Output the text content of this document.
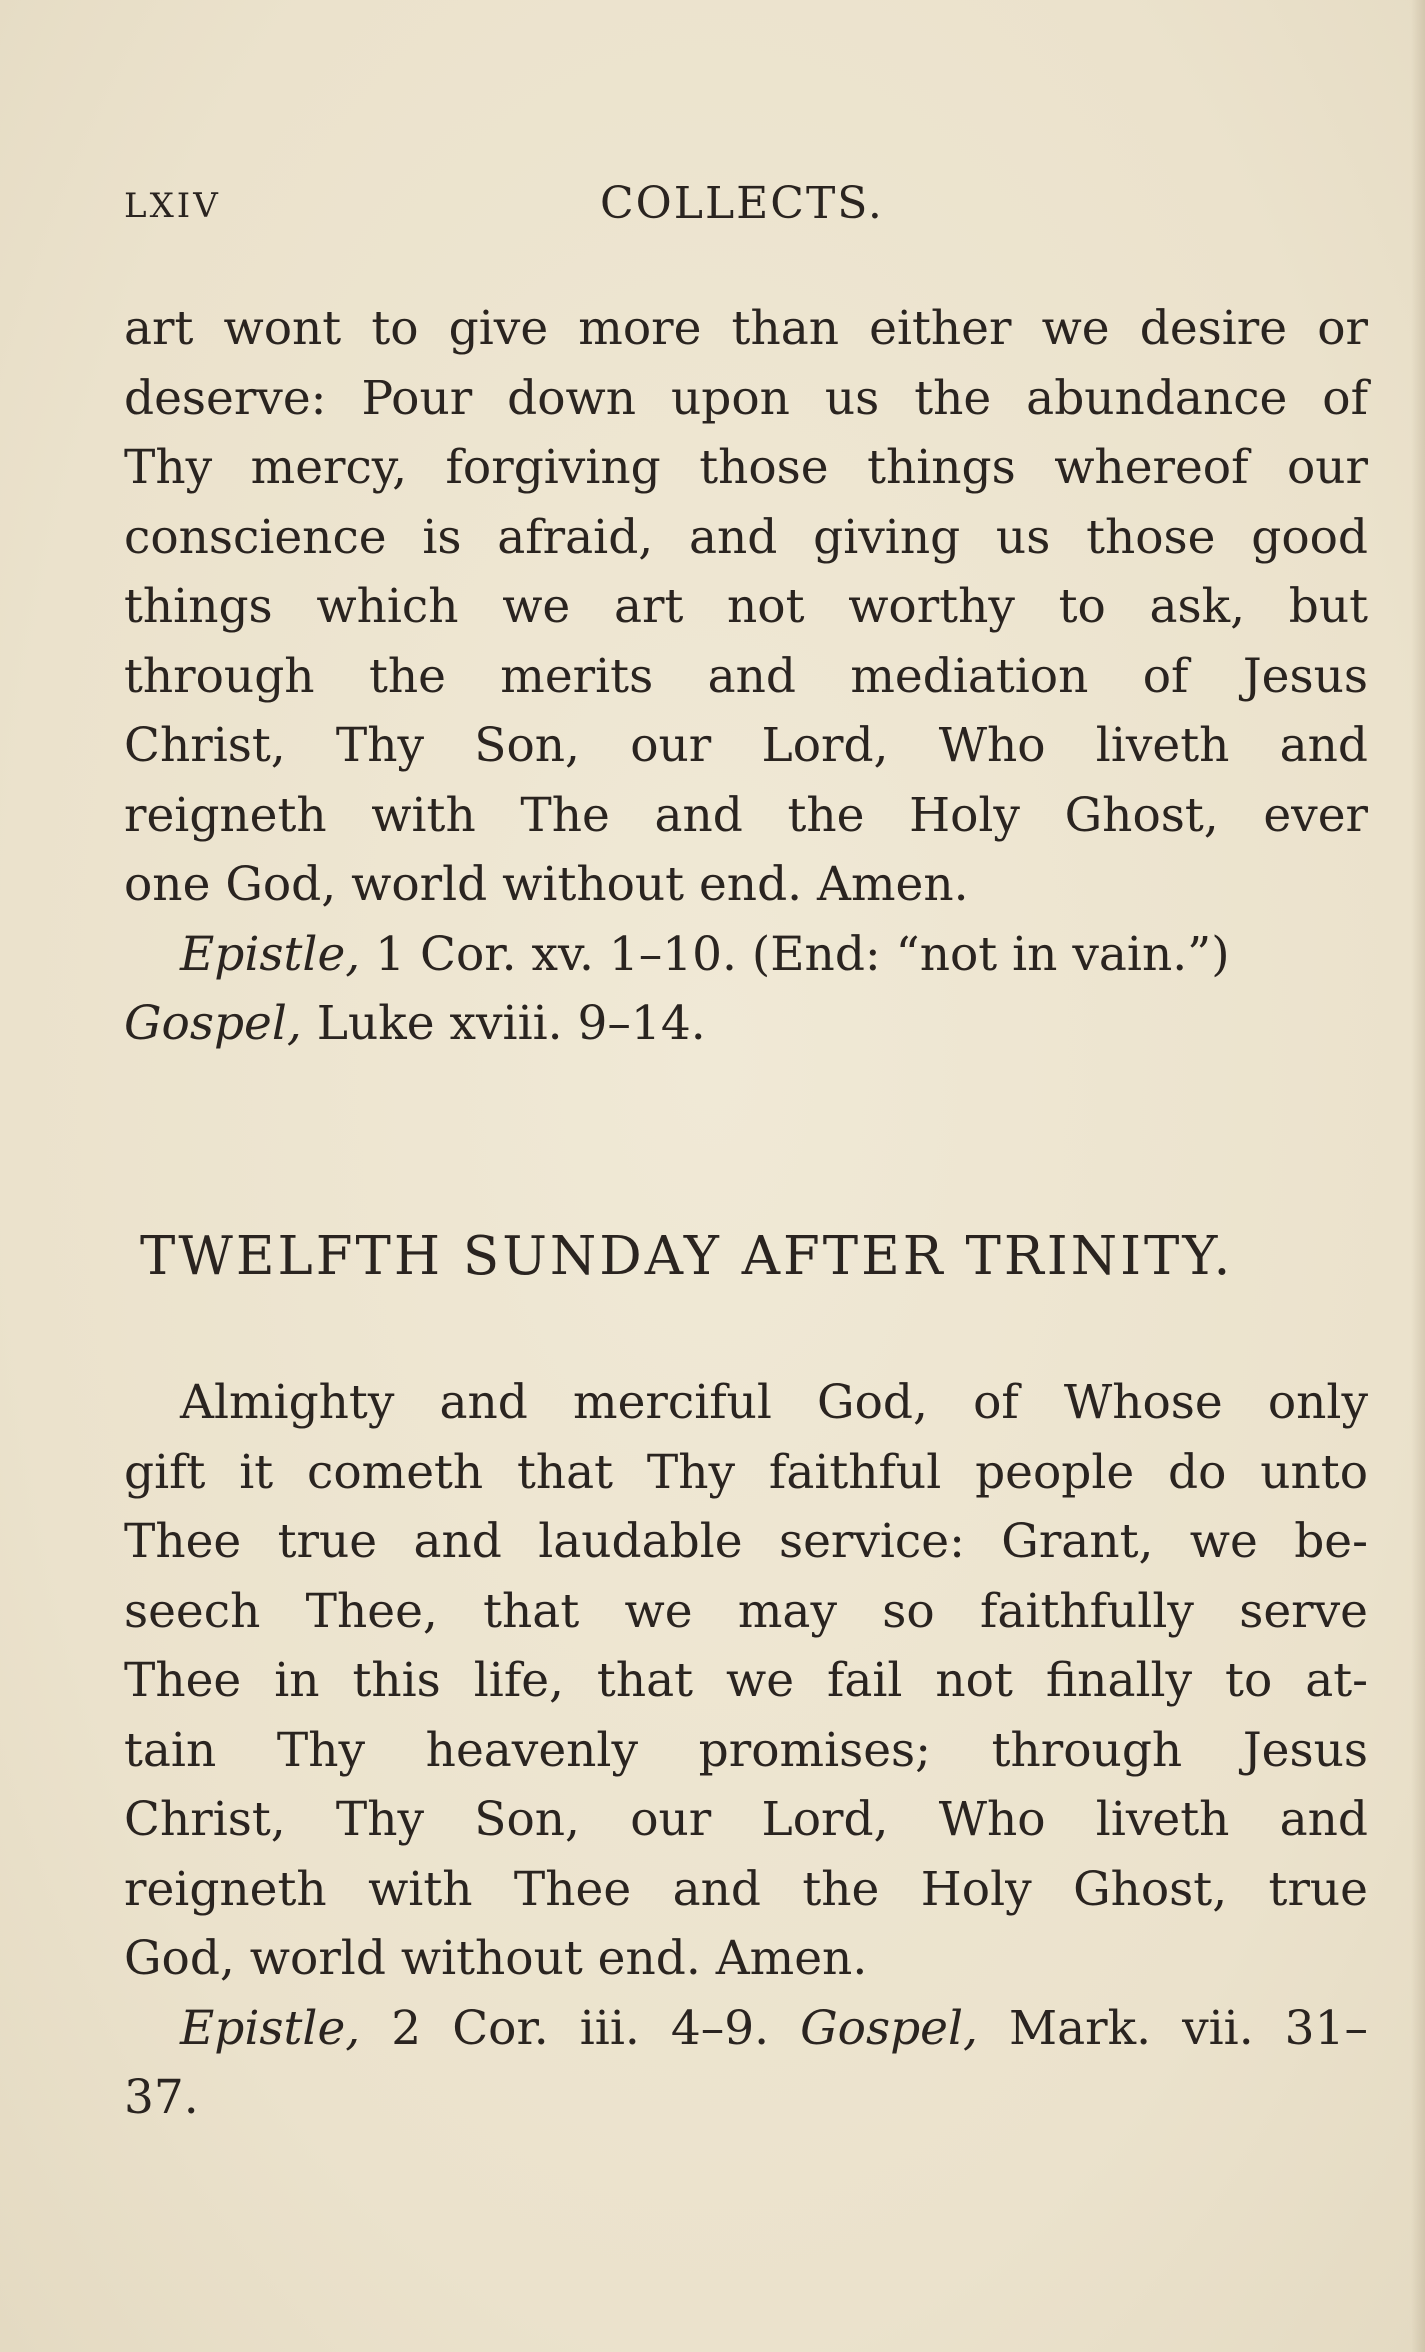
LXIV	COLLECTS.
art wont to give more than either we desire or
deserve: Pour down upon us the abundance of
Thy mercy, forgiving those things whereof our
conscience is afraid, and giving us those good
things which we art not worthy to ask, but
through the merits and mediation of Jesus
Christ, Thy Son, our Lord, Who liveth and
reigneth with The and the Holy Ghost, ever
one God, world without end. Amen.
Epistle, 1 Cor. xv. 1–10. (End: “not in vain.”)
Gospel, Luke xviii. 9–14.
TWELFTH SUNDAY AFTER TRINITY.
Almighty and merciful God, of Whose only
gift it cometh that Thy faithful people do unto
Thee true and laudable service: Grant, we be-
seech Thee, that we may so faithfully serve
Thee in this life, that we fail not finally to at-
tain Thy heavenly promises; through Jesus
Christ, Thy Son, our Lord, Who liveth and
reigneth with Thee and the Holy Ghost, true
God, world without end. Amen.
Epistle, 2 Cor. iii. 4–9. Gospel, Mark. vii. 31–
37.
